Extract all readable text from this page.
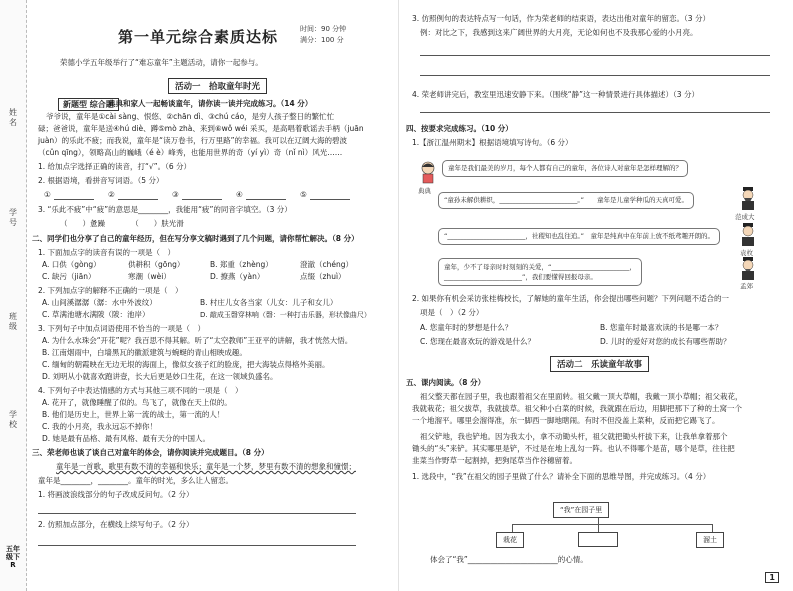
姓名
学号
班级
学校
五年级下 R
第一单元综合素质达标	时间：90 分钟
满分：100 分
荣德小学五年级举行了“难忘童年”主题活动，请你一起参与。
活动一　拾取童年时光
新题型 综合题
典典和家人一起畅谈童年，请你读一读并完成练习。（14 分）
爷爷说，童年是①cài sàng、恨悠、②chān dì、③chú cáo，是穷人孩子整日的繁忙忙
碌；爸爸说，童年是送④hú diè、蹲⑤mò zhà、来到⑥wǒ wéi 采买，是高唱着歌谣去手柄（juān
juàn）的乐此不疲；而我说，童年是“读万卷书，行万里路”的幸福。我可以在辽阔大海的碧波
（cǔn qīng），领略高山的巍峨（é è）峰秀，也能用世界的奇（yí yì）奇（nǐ nì）风光……
1. 给加点字选择正确的读音，打“√”。（6 分）
2. 根据语境，看拼音写词语。（5 分）
①	②	③	④	⑤
3. “乐此不疲”中“疲”的意思是________，我能用“疲”的同音字填空。（3 分）
（　　）惫躁　　　　（　　）肤光滑
二、同学们也分享了自己的童年经历，但在写分享文稿时遇到了几个问题，请你帮忙解决。（8 分）
1. 下面加点字的读音有误的一项是（　）
A. 口供（gòng）	供耕积（gōng）	B. 郑重（zhèng）	澄澈（chéng）
C. 缺污（jiān）	寒潮（wèi）	D. 撩燕（yàn）	点缀（zhuì）
2. 下列加点字的解释不正确的一项是（　）
A. 山间溪潺潺（潺：水中外波纹）	B. 村庄儿女各当家（儿女：儿子和女儿）
C. 草满池塘水满陂（陂：池岸）	D. 敲成玉磬穿林响（磬：一种打击乐器，形状像曲尺）
3. 下列句子中加点词语使用不恰当的一项是（　）
A. 为什么水珠会“开花”呢？我百思不得其解。听了“太空教师”王亚平的讲解，我才恍然大悟。
B. 江南烟雨中，白墙黑瓦的徽派建筑与蜿蜒的青山相映成趣。
C. 缅甸的朝霞映在无边无垠的海面上，像似女孩子红的脸庞，把大海装点得格外美丽。
D. 刘明从小就喜欢跑讲壹，长大后更是妙口生花，在这一领域负盛名。
4. 下列句子中表达情感的方式与其他三项不同的一项是（　）
A. 花开了，就像睡醒了似的。鸟飞了，就像在天上似的。
B. 他们是历史上，世界上第一流的战士，第一流的人！
C. 我的小月亮，我永远忘不掉你！
D. 她是最有品格、最有风格、最有天分的中国人。
三、荣老师也谈了谈自己对童年的体会，请你阅读并完成题目。（8 分）
童年是一首歌，歌里有数不清的幸福和快乐；童年是一个梦，梦里有数不清的想象和憧憬；
童年是________，________。童年的时光，多么让人留恋。
1. 将画波浪线部分的句子改成反问句。（2 分）
2. 仿照加点部分，在横线上续写句子。（2 分）
3. 仿照例句的表达特点写一句话，作为荣老师的结束语，表达出他对童年的留恋。（3 分）
例：对比之下，我感到这来广阔世界的大月亮，无论如何也不及我那心爱的小月亮。
4. 荣老师讲完后，教室里迅速安静下来。（围绕“静”这一种情景进行具体描述）（3 分）
四、按要求完成练习。（10 分）
1.【浙江温州期末】根据语境填写诗句。（6 分）
典典
童年是我们最美的岁月，每个人都有自己的童年，各位诗人对童年是怎样理解的？
“童孙未解供耕织，________________________。”　　童年是儿童学种瓜的天真可爱。
范成大
“________________________，社稷知也乱往追。”　童年是纯真中在年前上放不纸鸢趣开朗的。
袁枚
童年，少不了母亲时时刻刻的关爱，“________________________，
________________________”，我们要懂得回报母亲。
孟郊
2. 如果你有机会采访张桂梅校长，了解她的童年生活，你会提出哪些问题？下列问题不适合的一
项是（　）（2 分）
A. 您童年时的梦想是什么？	B. 您童年时最喜欢读的书是哪一本？
C. 您现在最喜欢玩的游戏是什么？	D. 儿时的爱好对您的成长有哪些帮助？
活动二　乐读童年故事
五、课内阅读。（8 分）
祖父整天都在园子里，我也跟着祖父在里面转。祖父戴一顶大草帽，我戴一顶小草帽；祖父栽花，
我就栽花；祖父拔草，我就拔草。祖父种小白菜的时候，我就跟在后边，用脚把那下了种的土窝一个
一个地溜平。哪里会溜得准，东一脚西一脚地瞎闹。有时不但没盖上菜种，反而把它踢飞了。
祖父铲地，我也铲地。因为我太小，拿不动锄头杆，祖父就把锄头杆拔下来，让我单拿着那个
锄头的“头”来铲。其实哪里是铲，不过是在地上乱勾一阵。也认不得哪个是苗，哪个是草，往往把
韭菜当作野草一起割掉，把狗尾草当作谷穗留着。
1. 选段中，“我”在祖父的园子里做了什么？请补全下面的思维导图，并完成练习。（4 分）
“我”在园子里
栽花	溜土
体会了“我”________________________的心情。
1
